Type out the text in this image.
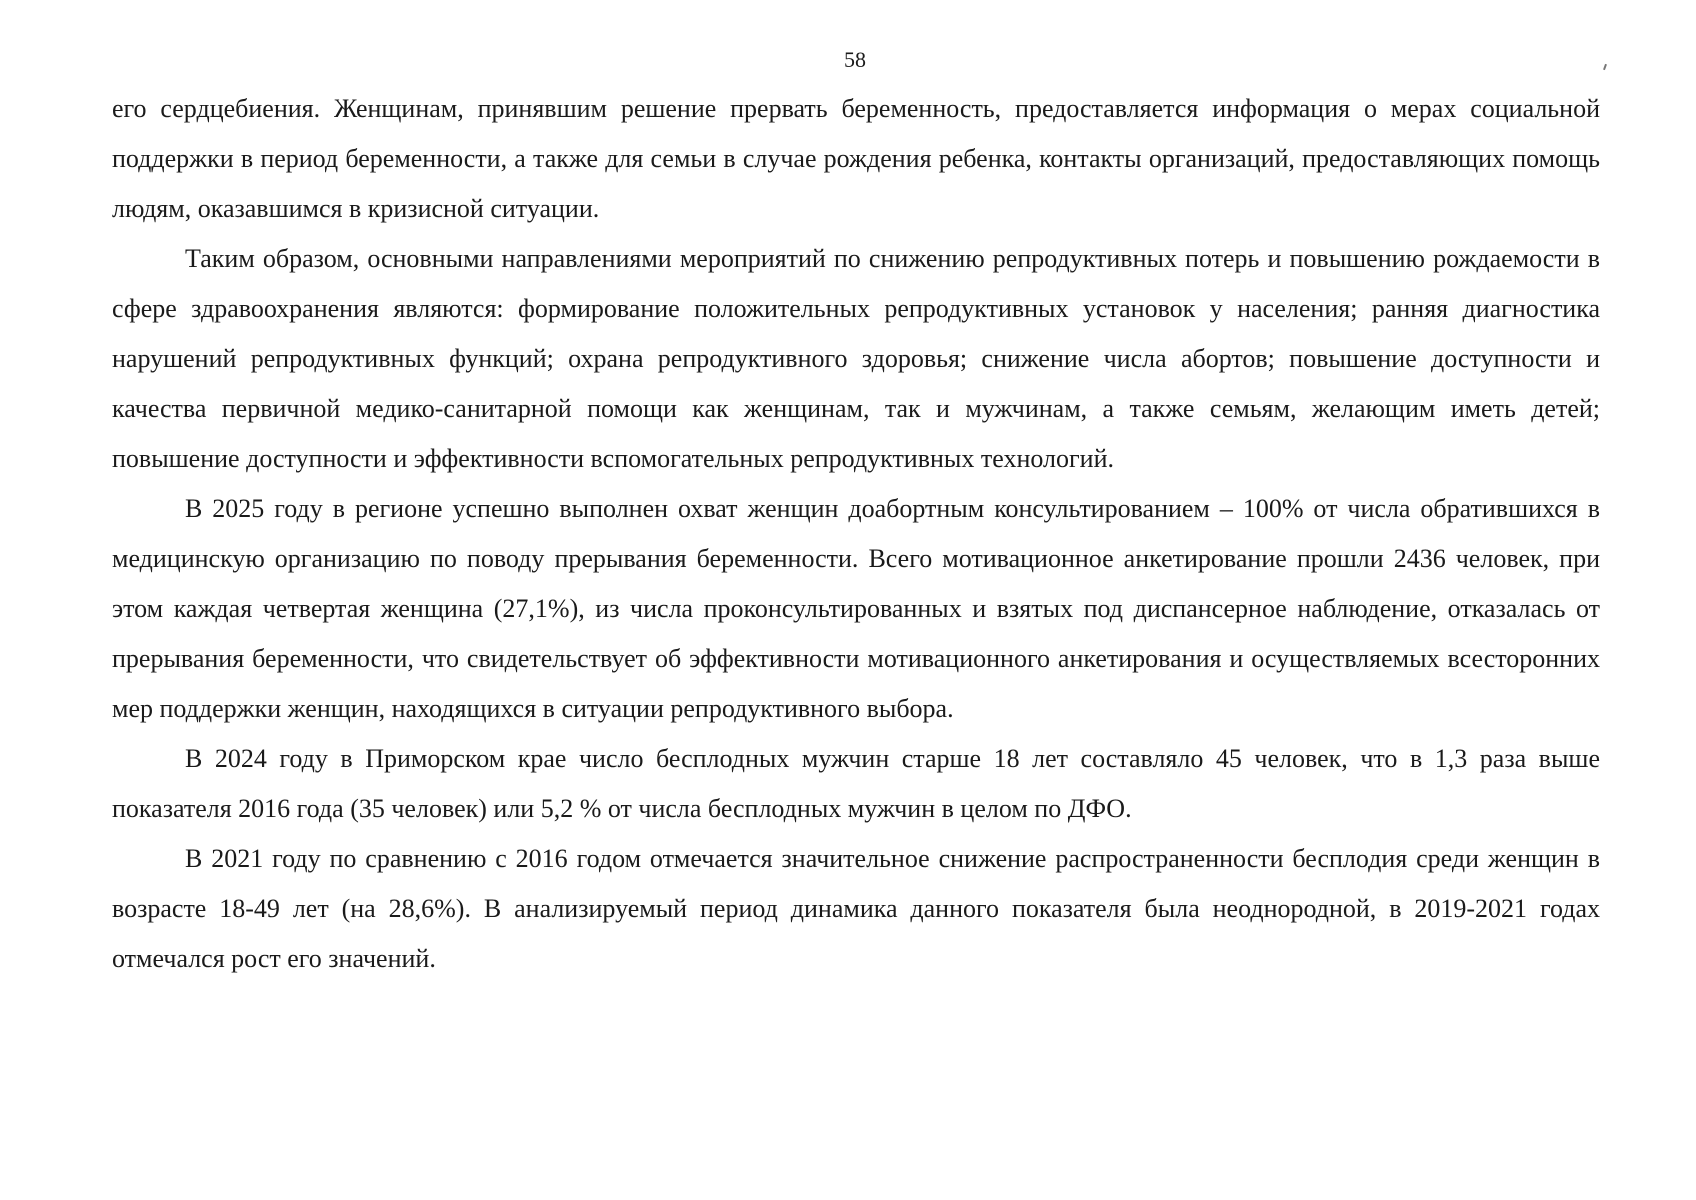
58

его сердцебиения. Женщинам, принявшим решение прервать беременность, предоставляется информация о мерах социальной поддержки в период беременности, а также для семьи в случае рождения ребенка, контакты организаций, предоставляющих помощь людям, оказавшимся в кризисной ситуации.

Таким образом, основными направлениями мероприятий по снижению репродуктивных потерь и повышению рождаемости в сфере здравоохранения являются: формирование положительных репродуктивных установок у населения; ранняя диагностика нарушений репродуктивных функций; охрана репродуктивного здоровья; снижение числа абортов; повышение доступности и качества первичной медико-санитарной помощи как женщинам, так и мужчинам, а также семьям, желающим иметь детей; повышение доступности и эффективности вспомогательных репродуктивных технологий.

В 2025 году в регионе успешно выполнен охват женщин доабортным консультированием – 100% от числа обратившихся в медицинскую организацию по поводу прерывания беременности. Всего мотивационное анкетирование прошли 2436 человек, при этом каждая четвертая женщина (27,1%), из числа проконсультированных и взятых под диспансерное наблюдение, отказалась от прерывания беременности, что свидетельствует об эффективности мотивационного анкетирования и осуществляемых всесторонних мер поддержки женщин, находящихся в ситуации репродуктивного выбора.

В 2024 году в Приморском крае число бесплодных мужчин старше 18 лет составляло 45 человек, что в 1,3 раза выше показателя 2016 года (35 человек) или 5,2 % от числа бесплодных мужчин в целом по ДФО.

В 2021 году по сравнению с 2016 годом отмечается значительное снижение распространенности бесплодия среди женщин в возрасте 18-49 лет (на 28,6%). В анализируемый период динамика данного показателя была неоднородной, в 2019-2021 годах отмечался рост его значений.
